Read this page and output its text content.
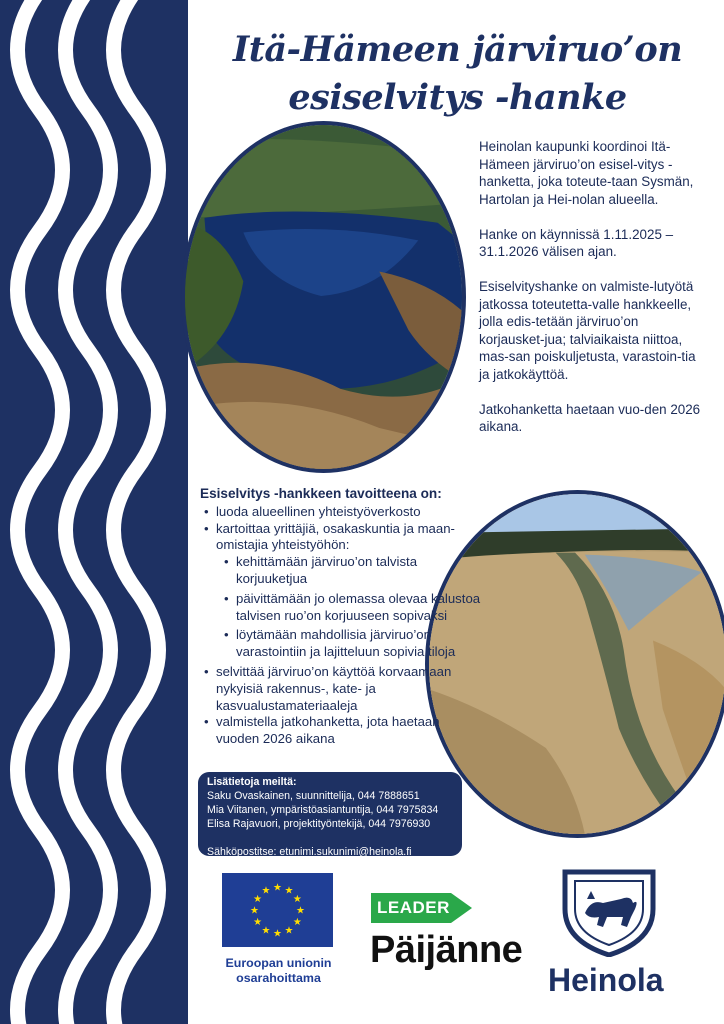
Itä-Hämeen järviruo’on
esiselvitys -hanke

Heinolan kaupunki koordinoi Itä-Hämeen järviruo’on esisel-vitys -hanketta, joka toteute-taan Sysmän, Hartolan ja Hei-nolan alueella.

Hanke on käynnissä 1.11.2025 – 31.1.2026 välisen ajan.

Esiselvityshanke on valmiste-lutyötä jatkossa toteutetta-valle hankkeelle, jolla edis-tetään järviruo’on korjausket-jua; talviaikaista niittoa, mas-san poiskuljetusta, varastoin-tia ja jatkokäyttöä.

Jatkohanketta haetaan vuo-den 2026 aikana.

Esiselvitys -hankkeen tavoitteena on:
• luoda alueellinen yhteistyöverkosto
• kartoittaa yrittäjiä, osakaskuntia ja maan-omistajia yhteistyöhön:
• kehittämään järviruo’on talvista korjuuketjua
• päivittämään jo olemassa olevaa kalustoa talvisen ruo’on korjuuseen sopivaksi
• löytämään mahdollisia järviruo’on varastointiin ja lajitteluun sopivia tiloja
• selvittää järviruo’on käyttöä korvaamaan nykyisiä rakennus-, kate- ja kasvualustamateriaaleja
• valmistella jatkohanketta, jota haetaan vuoden 2026 aikana
Lisätietoja meiltä:
Saku Ovaskainen, suunnittelija, 044 7888651
Mia Viitanen, ympäristöasiantuntija, 044 7975834
Elisa Rajavuori, projektityöntekijä, 044 7976930
Sähköpostitse: etunimi.sukunimi@heinola.fi
★ ★
★
★
★
★
★
★
★
★
★
★
Euroopan unionin
osarahoittama
LEADER
Päijänne
Heinola
